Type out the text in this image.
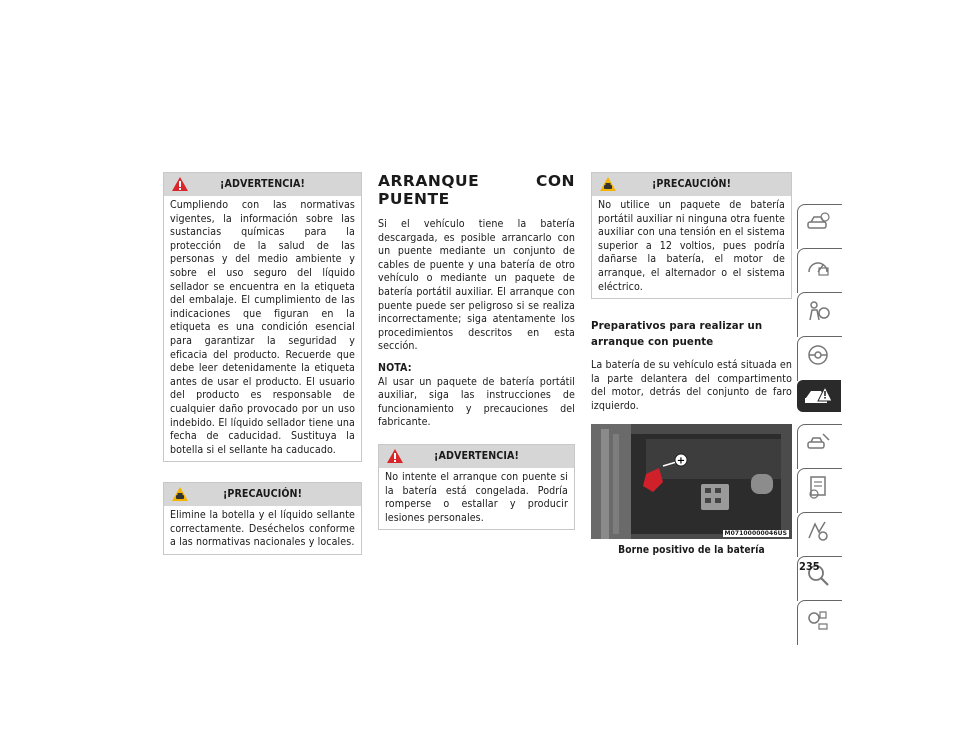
¡ADVERTENCIA!
Cumpliendo con las normativas vigentes, la información sobre las sustancias químicas para la protección de la salud de las personas y del medio ambiente y sobre el uso seguro del líquido sellador se encuentra en la etiqueta del embalaje. El cumplimiento de las indicaciones que figuran en la etiqueta es una condición esencial para garantizar la seguridad y eficacia del producto. Recuerde que debe leer detenidamente la etiqueta antes de usar el producto. El usuario del producto es responsable de cualquier daño provocado por un uso indebido. El líquido sellador tiene una fecha de caducidad. Sustituya la botella si el sellante ha caducado.
¡PRECAUCIÓN!
Elimine la botella y el líquido sellante correctamente. Deséchelos conforme a las normativas nacionales y locales.
ARRANQUE CON PUENTE

Si el vehículo tiene la batería descargada, es posible arrancarlo con un puente mediante un conjunto de cables de puente y una batería de otro vehículo o mediante un paquete de batería portátil auxiliar. El arranque con puente puede ser peligroso si se realiza incorrectamente; siga atentamente los procedimientos descritos en esta sección.

NOTA:

Al usar un paquete de batería portátil auxiliar, siga las instrucciones de funcionamiento y precauciones del fabricante.

¡ADVERTENCIA!
No intente el arranque con puente si la batería está congelada. Podría romperse o estallar y producir lesiones personales.
¡PRECAUCIÓN!
No utilice un paquete de batería portátil auxiliar ni ninguna otra fuente auxiliar con una tensión en el sistema superior a 12 voltios, pues podría dañarse la batería, el motor de arranque, el alternador o el sistema eléctrico.
Preparativos para realizar un arranque con puente

La batería de su vehículo está situada en la parte delantera del compartimento del motor, detrás del conjunto de faro izquierdo.

+
M07100000046US
Borne positivo de la batería
235
